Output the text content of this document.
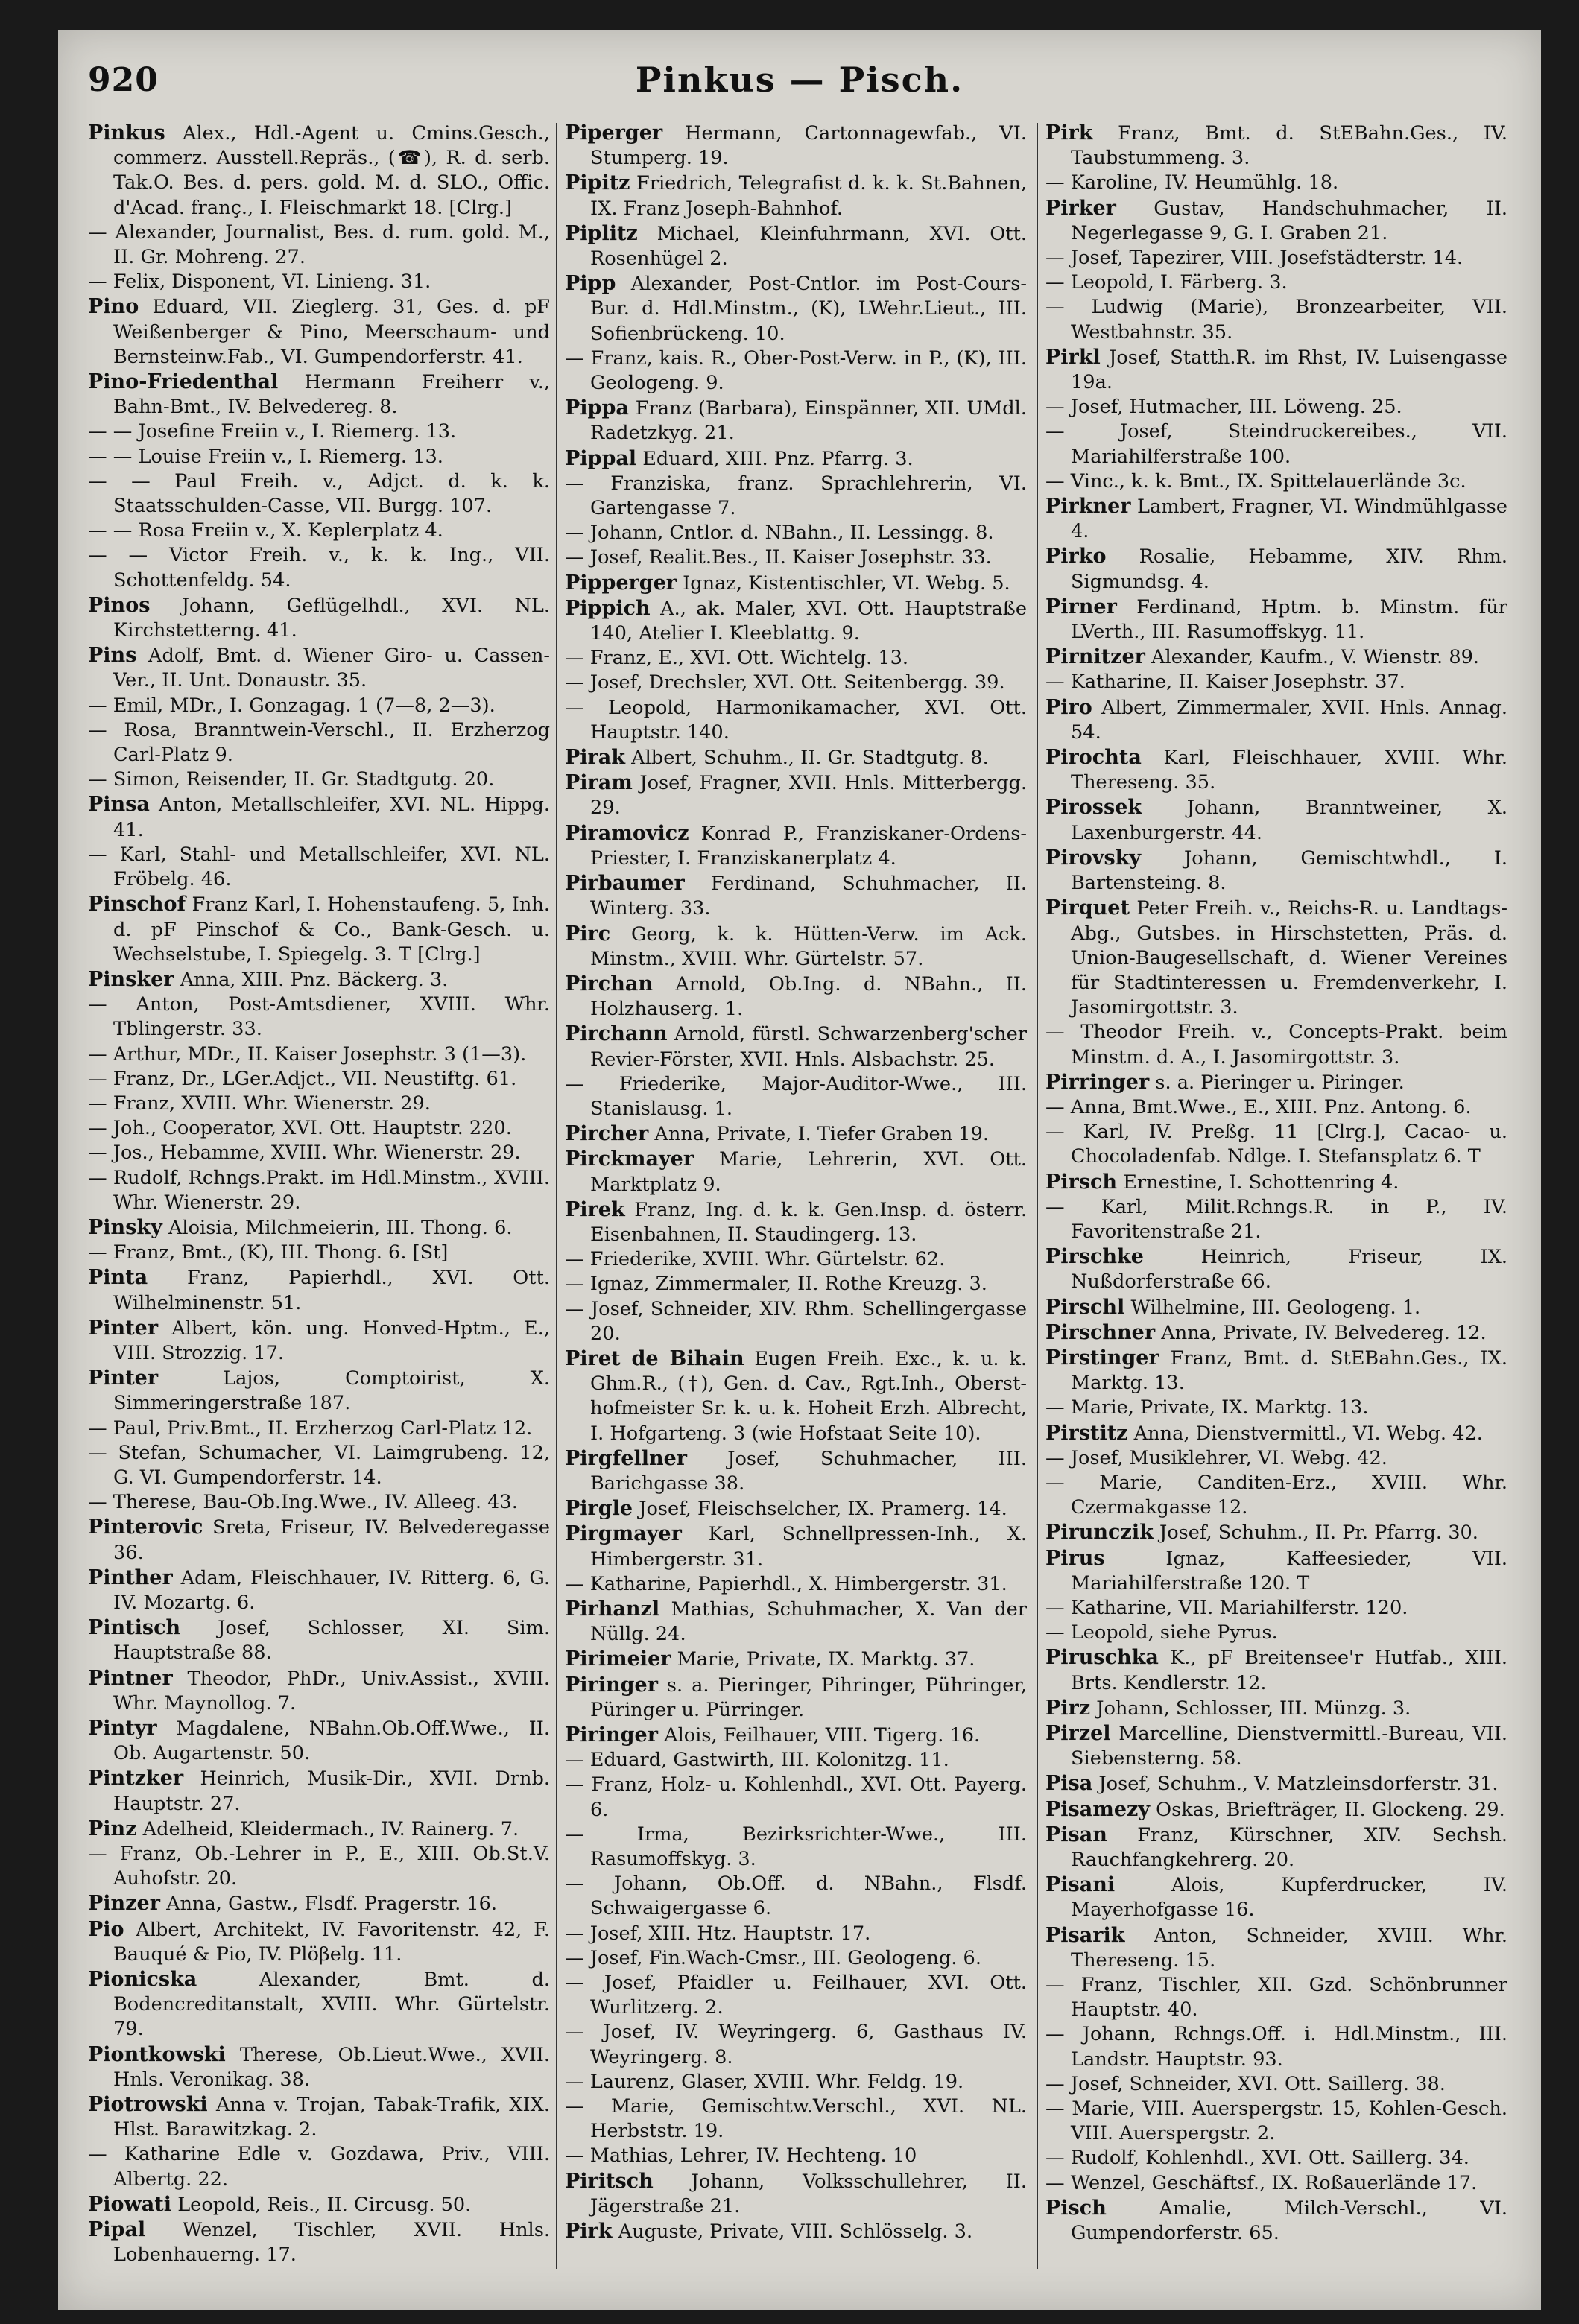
920	Pinkus — Pisch.

Pinkus Alex., Hdl.-Agent u. Cmins.Gesch., commerz. Ausstell.Repräs., (☎), R. d. serb. Tak.O. Bes. d. pers. gold. M. d. SLO., Offic. d'Acad. franç., I. Fleischmarkt 18. [Clrg.]

— Alexander, Journalist, Bes. d. rum. gold. M., II. Gr. Mohreng. 27.

— Felix, Disponent, VI. Linieng. 31.

Pino Eduard, VII. Zieglerg. 31, Ges. d. pF Weißenberger & Pino, Meerschaum- und Bernsteinw.Fab., VI. Gumpendorferstr. 41.

Pino-Friedenthal Hermann Freiherr v., Bahn-Bmt., IV. Belvedereg. 8.

— — Josefine Freiin v., I. Riemerg. 13.

— — Louise Freiin v., I. Riemerg. 13.

— — Paul Freih. v., Adjct. d. k. k. Staatsschulden-Casse, VII. Burgg. 107.

— — Rosa Freiin v., X. Keplerplatz 4.

— — Victor Freih. v., k. k. Ing., VII. Schottenfeldg. 54.

Pinos Johann, Geflügelhdl., XVI. NL. Kirchstetterng. 41.

Pins Adolf, Bmt. d. Wiener Giro- u. Cassen-Ver., II. Unt. Donaustr. 35.

— Emil, MDr., I. Gonzagag. 1 (7—8, 2—3).

— Rosa, Branntwein-Verschl., II. Erzherzog Carl-Platz 9.

— Simon, Reisender, II. Gr. Stadtgutg. 20.

Pinsa Anton, Metallschleifer, XVI. NL. Hippg. 41.

— Karl, Stahl- und Metallschleifer, XVI. NL. Fröbelg. 46.

Pinschof Franz Karl, I. Hohenstaufeng. 5, Inh. d. pF Pinschof & Co., Bank-Gesch. u. Wechselstube, I. Spiegelg. 3. T [Clrg.]

Pinsker Anna, XIII. Pnz. Bäckerg. 3.

— Anton, Post-Amtsdiener, XVIII. Whr. Tblingerstr. 33.

— Arthur, MDr., II. Kaiser Josephstr. 3 (1—3).

— Franz, Dr., LGer.Adjct., VII. Neustiftg. 61.

— Franz, XVIII. Whr. Wienerstr. 29.

— Joh., Cooperator, XVI. Ott. Hauptstr. 220.

— Jos., Hebamme, XVIII. Whr. Wienerstr. 29.

— Rudolf, Rchngs.Prakt. im Hdl.Minstm., XVIII. Whr. Wienerstr. 29.

Pinsky Aloisia, Milchmeierin, III. Thong. 6.

— Franz, Bmt., (K), III. Thong. 6. [St]

Pinta Franz, Papierhdl., XVI. Ott. Wilhelminenstr. 51.

Pinter Albert, kön. ung. Honved-Hptm., E., VIII. Strozzig. 17.

Pinter	Lajos, Comptoirist, X. Simmeringerstraße 187.

— Paul, Priv.Bmt., II. Erzherzog Carl-Platz 12.

— Stefan, Schumacher, VI. Laimgrubeng. 12, G. VI. Gumpendorferstr. 14.

— Therese, Bau-Ob.Ing.Wwe., IV. Alleeg. 43.

Pinterovic Sreta, Friseur, IV. Belvederegasse 36.

Pinther Adam, Fleischhauer, IV. Ritterg. 6, G. IV. Mozartg. 6.

Pintisch Josef, Schlosser, XI. Sim. Hauptstraße 88.

Pintner Theodor, PhDr., Univ.Assist., XVIII. Whr. Maynollog. 7.

Pintyr Magdalene, NBahn.Ob.Off.Wwe., II. Ob. Augartenstr. 50.

Pintzker Heinrich, Musik-Dir., XVII. Drnb. Hauptstr. 27.

Pinz Adelheid, Kleidermach., IV. Rainerg. 7.

— Franz, Ob.-Lehrer in P., E., XIII. Ob.St.V. Auhofstr. 20.

Pinzer Anna, Gastw., Flsdf. Pragerstr. 16.

Pio Albert, Architekt, IV. Favoritenstr. 42, F. Bauqué & Pio, IV. Plöβelg. 11.

Pionicska	Alexander, Bmt. d. Bodencreditanstalt, XVIII. Whr. Gürtelstr. 79.

Piontkowski Therese, Ob.Lieut.Wwe., XVII. Hnls. Veronikag. 38.

Piotrowski Anna v. Trojan, Tabak-Trafik, XIX. Hlst. Barawitzkag. 2.

— Katharine Edle v. Gozdawa, Priv., VIII. Albertg. 22.

Piowati Leopold, Reis., II. Circusg. 50.

Pipal Wenzel, Tischler, XVII. Hnls. Lobenhauerng. 17.

Piperger Hermann, Cartonnagewfab., VI. Stumperg. 19.

Pipitz Friedrich, Telegrafist d. k. k. St.Bahnen, IX. Franz Joseph-Bahnhof.

Piplitz Michael, Kleinfuhrmann, XVI. Ott. Rosenhügel 2.

Pipp Alexander, Post-Cntlor. im Post-Cours-Bur. d. Hdl.Minstm., (K), LWehr.Lieut., III. Sofienbrückeng. 10.

— Franz, kais. R., Ober-Post-Verw. in P., (K), III. Geologeng. 9.

Pippa Franz (Barbara), Einspänner, XII. UMdl. Radetzkyg. 21.

Pippal Eduard, XIII. Pnz. Pfarrg. 3.

— Franziska, franz. Sprachlehrerin, VI. Gartengasse 7.

— Johann, Cntlor. d. NBahn., II. Lessingg. 8.

— Josef, Realit.Bes., II. Kaiser Josephstr. 33.

Pipperger Ignaz, Kistentischler, VI. Webg. 5.

Pippich A., ak. Maler, XVI. Ott. Hauptstraße 140, Atelier I. Kleeblattg. 9.

— Franz, E., XVI. Ott. Wichtelg. 13.

— Josef, Drechsler, XVI. Ott. Seitenbergg. 39.

— Leopold, Harmonikamacher, XVI. Ott. Hauptstr. 140.

Pirak Albert, Schuhm., II. Gr. Stadtgutg. 8.

Piram Josef, Fragner, XVII. Hnls. Mitterbergg. 29.

Piramovicz Konrad P., Franziskaner-Ordens-Priester, I. Franziskanerplatz 4.

Pirbaumer Ferdinand, Schuhmacher, II. Winterg. 33.

Pirc Georg, k. k. Hütten-Verw. im Ack. Minstm., XVIII. Whr. Gürtelstr. 57.

Pirchan Arnold, Ob.Ing. d. NBahn., II. Holzhauserg. 1.

Pirchann Arnold, fürstl. Schwarzenberg'scher Revier-Förster, XVII. Hnls. Alsbachstr. 25.

— Friederike, Major-Auditor-Wwe., III. Stanislausg. 1.

Pircher Anna, Private, I. Tiefer Graben 19.

Pirckmayer Marie, Lehrerin, XVI. Ott. Marktplatz 9.

Pirek Franz, Ing. d. k. k. Gen.Insp. d. österr. Eisenbahnen, II. Staudingerg. 13.

— Friederike, XVIII. Whr. Gürtelstr. 62.

— Ignaz, Zimmermaler, II. Rothe Kreuzg. 3.

— Josef, Schneider, XIV. Rhm. Schellingergasse 20.

Piret de Bihain Eugen Freih. Exc., k. u. k. Ghm.R., (†), Gen. d. Cav., Rgt.Inh., Oberst-hofmeister Sr. k. u. k. Hoheit Erzh. Albrecht, I. Hofgarteng. 3 (wie Hofstaat Seite 10).

Pirgfellner Josef, Schuhmacher, III. Barichgasse 38.

Pirgle Josef, Fleischselcher, IX. Pramerg. 14.

Pirgmayer Karl, Schnellpressen-Inh., X. Himbergerstr. 31.

— Katharine, Papierhdl., X. Himbergerstr. 31.

Pirhanzl Mathias, Schuhmacher, X. Van der Nüllg. 24.

Pirimeier Marie, Private, IX. Marktg. 37.

Piringer s. a. Pieringer, Pihringer, Pühringer, Püringer u. Pürringer.

Piringer Alois, Feilhauer, VIII. Tigerg. 16.

— Eduard, Gastwirth, III. Kolonitzg. 11.

— Franz, Holz- u. Kohlenhdl., XVI. Ott. Payerg. 6.

— Irma, Bezirksrichter-Wwe., III. Rasumoffskyg. 3.

— Johann, Ob.Off. d. NBahn., Flsdf. Schwaigergasse 6.

— Josef, XIII. Htz. Hauptstr. 17.

— Josef, Fin.Wach-Cmsr., III. Geologeng. 6.

— Josef, Pfaidler u. Feilhauer, XVI. Ott. Wurlitzerg. 2.

— Josef, IV. Weyringerg. 6, Gasthaus IV. Weyringerg. 8.

— Laurenz, Glaser, XVIII. Whr. Feldg. 19.

— Marie, Gemischtw.Verschl., XVI. NL. Herbststr. 19.

— Mathias, Lehrer, IV. Hechteng. 10

Piritsch Johann, Volksschullehrer, II. Jägerstraße 21.

Pirk Auguste, Private, VIII. Schlösselg. 3.

Pirk Franz, Bmt. d. StEBahn.Ges., IV. Taubstummeng. 3.

— Karoline, IV. Heumühlg. 18.

Pirker Gustav, Handschuhmacher, II. Negerlegasse 9, G. I. Graben 21.

— Josef, Tapezirer, VIII. Josefstädterstr. 14.

— Leopold, I. Färberg. 3.

— Ludwig (Marie), Bronzearbeiter, VII. Westbahnstr. 35.

Pirkl Josef, Statth.R. im Rhst, IV. Luisengasse 19a.

— Josef, Hutmacher, III. Löweng. 25.

— Josef, Steindruckereibes., VII. Mariahilferstraße 100.

— Vinc., k. k. Bmt., IX. Spittelauerlände 3c.

Pirkner Lambert, Fragner, VI. Windmühlgasse 4.

Pirko Rosalie, Hebamme, XIV. Rhm. Sigmundsg. 4.

Pirner Ferdinand, Hptm. b. Minstm. für LVerth., III. Rasumoffskyg. 11.

Pirnitzer Alexander, Kaufm., V. Wienstr. 89.

— Katharine, II. Kaiser Josephstr. 37.

Piro Albert, Zimmermaler, XVII. Hnls. Annag. 54.

Pirochta Karl, Fleischhauer, XVIII. Whr. Thereseng. 35.

Pirossek Johann, Branntweiner, X. Laxenburgerstr. 44.

Pirovsky Johann, Gemischtwhdl., I. Bartensteing. 8.

Pirquet Peter Freih. v., Reichs-R. u. Landtags-Abg., Gutsbes. in Hirschstetten, Präs. d. Union-Baugesellschaft, d. Wiener Vereines für Stadtinteressen u. Fremdenverkehr, I. Jasomirgottstr. 3.

— Theodor Freih. v., Concepts-Prakt. beim Minstm. d. A., I. Jasomirgottstr. 3.

Pirringer s. a. Pieringer u. Piringer.

— Anna, Bmt.Wwe., E., XIII. Pnz. Antong. 6.

— Karl, IV. Preßg. 11 [Clrg.], Cacao- u. Chocoladenfab. Ndlge. I. Stefansplatz 6. T

Pirsch Ernestine, I. Schottenring 4.

— Karl, Milit.Rchngs.R. in P., IV. Favoritenstraße 21.

Pirschke	Heinrich, Friseur, IX. Nußdorferstraße 66.

Pirschl Wilhelmine, III. Geologeng. 1.

Pirschner Anna, Private, IV. Belvedereg. 12.

Pirstinger Franz, Bmt. d. StEBahn.Ges., IX. Marktg. 13.

— Marie, Private, IX. Marktg. 13.

Pirstitz Anna, Dienstvermittl., VI. Webg. 42.

— Josef, Musiklehrer, VI. Webg. 42.

— Marie, Canditen-Erz., XVIII. Whr. Czermakgasse 12.

Pirunczik Josef, Schuhm., II. Pr. Pfarrg. 30.

Pirus	Ignaz, Kaffeesieder, VII. Mariahilferstraße 120. T

— Katharine, VII. Mariahilferstr. 120.

— Leopold, siehe Pyrus.

Piruschka K., pF Breitensee'r Hutfab., XIII. Brts. Kendlerstr. 12.

Pirz Johann, Schlosser, III. Münzg. 3.

Pirzel Marcelline, Dienstvermittl.-Bureau, VII. Siebensterng. 58.

Pisa Josef, Schuhm., V. Matzleinsdorferstr. 31.

Pisamezy Oskas, Briefträger, II. Glockeng. 29.

Pisan Franz, Kürschner, XIV. Sechsh. Rauchfangkehrerg. 20.

Pisani	Alois, Kupferdrucker, IV. Mayerhofgasse 16.

Pisarik Anton, Schneider, XVIII. Whr. Thereseng. 15.

— Franz, Tischler, XII. Gzd. Schönbrunner Hauptstr. 40.

— Johann, Rchngs.Off. i. Hdl.Minstm., III. Landstr. Hauptstr. 93.

— Josef, Schneider, XVI. Ott. Saillerg. 38.

— Marie, VIII. Auerspergstr. 15, Kohlen-Gesch. VIII. Auerspergstr. 2.

— Rudolf, Kohlenhdl., XVI. Ott. Saillerg. 34.

— Wenzel, Geschäftsf., IX. Roßauerlände 17.

Pisch	Amalie, Milch-Verschl., VI. Gumpendorferstr. 65.
